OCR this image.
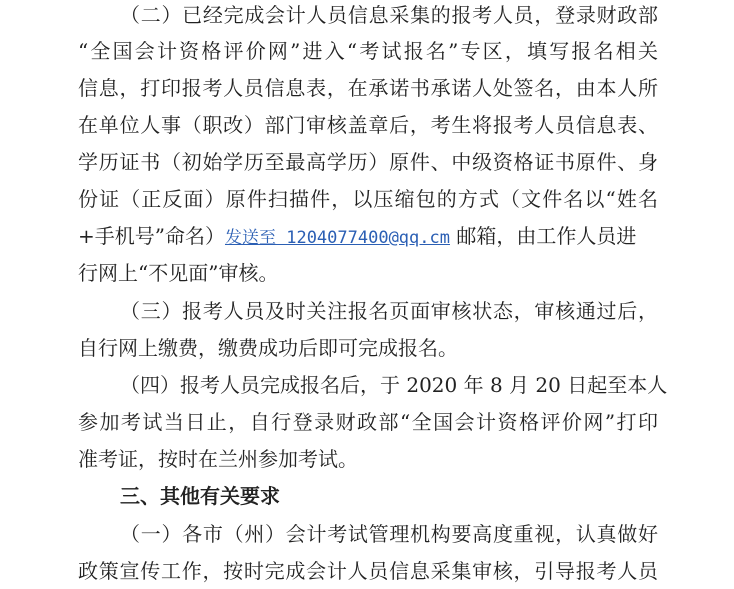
（二）已经完成会计人员信息采集的报考人员，登录财政部
“全国会计资格评价网”进入“考试报名”专区，填写报名相关
信息，打印报考人员信息表，在承诺书承诺人处签名，由本人所
在单位人事（职改）部门审核盖章后，考生将报考人员信息表、
学历证书（初始学历至最高学历）原件、中级资格证书原件、身
份证（正反面）原件扫描件，以压缩包的方式（文件名以“姓名
+手机号”命名）发送至 1204077400@qq.cm 邮箱，由工作人员进
行网上“不见面”审核。
（三）报考人员及时关注报名页面审核状态，审核通过后，
自行网上缴费，缴费成功后即可完成报名。
（四）报考人员完成报名后，于 2020 年 8 月 20 日起至本人
参加考试当日止，自行登录财政部“全国会计资格评价网”打印
准考证，按时在兰州参加考试。
三、其他有关要求
（一）各市（州）会计考试管理机构要高度重视，认真做好
政策宣传工作，按时完成会计人员信息采集审核，引导报考人员
